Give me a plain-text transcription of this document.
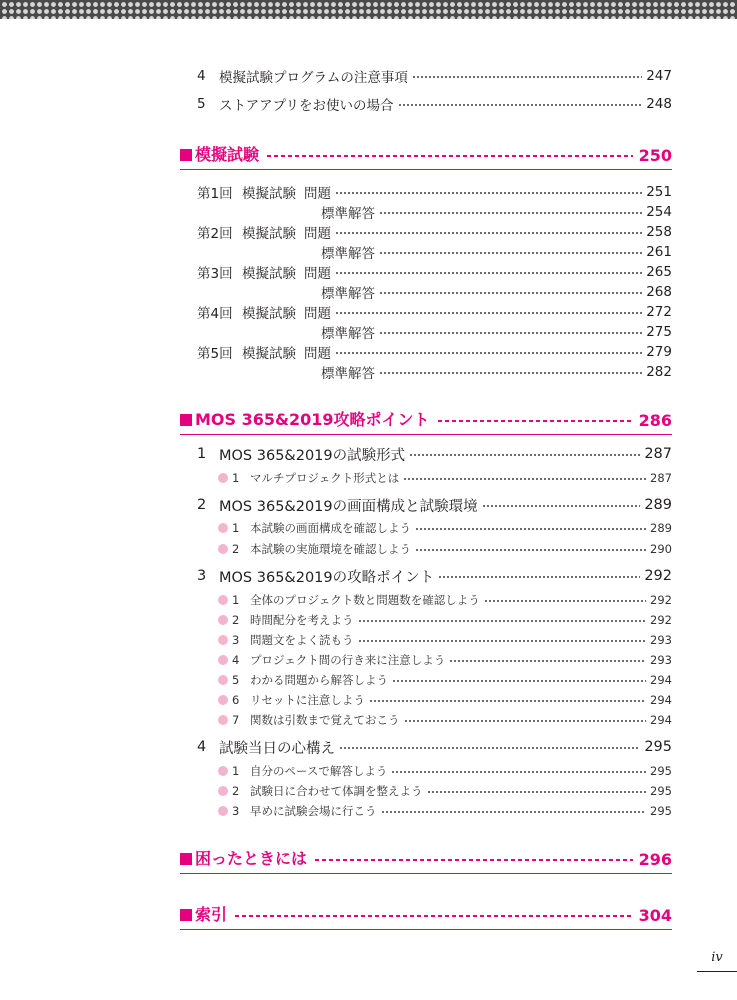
4 模擬試験プログラムの注意事項	247
5 ストアアプリをお使いの場合	248
模擬試験	250
第1回 模擬試験 問題	251
標準解答	254
第2回 模擬試験 問題	258
標準解答	261
第3回 模擬試験 問題	265
標準解答	268
第4回 模擬試験 問題	272
標準解答	275
第5回 模擬試験 問題	279
標準解答	282
MOS 365&2019攻略ポイント	286
1 MOS 365&2019の試験形式	287
1 マルチプロジェクト形式とは	287
2 MOS 365&2019の画面構成と試験環境	289
1 本試験の画面構成を確認しよう	289
2 本試験の実施環境を確認しよう	290
3 MOS 365&2019の攻略ポイント	292
1 全体のプロジェクト数と問題数を確認しよう	292
2 時間配分を考えよう	292
3 問題文をよく読もう	293
4 プロジェクト間の行き来に注意しよう	293
5 わかる問題から解答しよう	294
6 リセットに注意しよう	294
7 関数は引数まで覚えておこう	294
4 試験当日の心構え	295
1 自分のペースで解答しよう	295
2 試験日に合わせて体調を整えよう	295
3 早めに試験会場に行こう	295
困ったときには	296
索引	304
iv
